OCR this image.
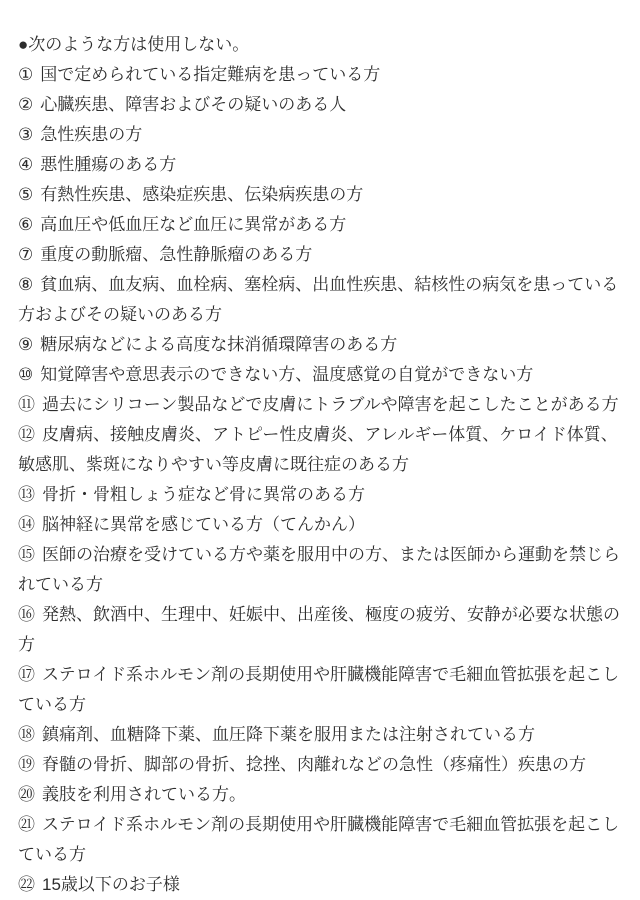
●次のような方は使用しない。

① 国で定められている指定難病を患っている方

② 心臓疾患、障害およびその疑いのある人

③ 急性疾患の方

④ 悪性腫瘍のある方

⑤ 有熱性疾患、感染症疾患、伝染病疾患の方

⑥ 高血圧や低血圧など血圧に異常がある方

⑦ 重度の動脈瘤、急性静脈瘤のある方

⑧ 貧血病、血友病、血栓病、塞栓病、出血性疾患、結核性の病気を患っている方およびその疑いのある方

⑨ 糖尿病などによる高度な抹消循環障害のある方

⑩ 知覚障害や意思表示のできない方、温度感覚の自覚ができない方

⑪ 過去にシリコーン製品などで皮膚にトラブルや障害を起こしたことがある方

⑫ 皮膚病、接触皮膚炎、アトピー性皮膚炎、アレルギー体質、ケロイド体質、敏感肌、紫斑になりやすい等皮膚に既往症のある方

⑬ 骨折・骨粗しょう症など骨に異常のある方

⑭ 脳神経に異常を感じている方（てんかん）

⑮ 医師の治療を受けている方や薬を服用中の方、または医師から運動を禁じられている方

⑯ 発熱、飲酒中、生理中、妊娠中、出産後、極度の疲労、安静が必要な状態の方

⑰ ステロイド系ホルモン剤の長期使用や肝臓機能障害で毛細血管拡張を起こしている方

⑱ 鎮痛剤、血糖降下薬、血圧降下薬を服用または注射されている方

⑲ 脊髄の骨折、脚部の骨折、捻挫、肉離れなどの急性（疼痛性）疾患の方

⑳ 義肢を利用されている方。

㉑ ステロイド系ホルモン剤の長期使用や肝臓機能障害で毛細血管拡張を起こしている方

㉒ 15歳以下のお子様
